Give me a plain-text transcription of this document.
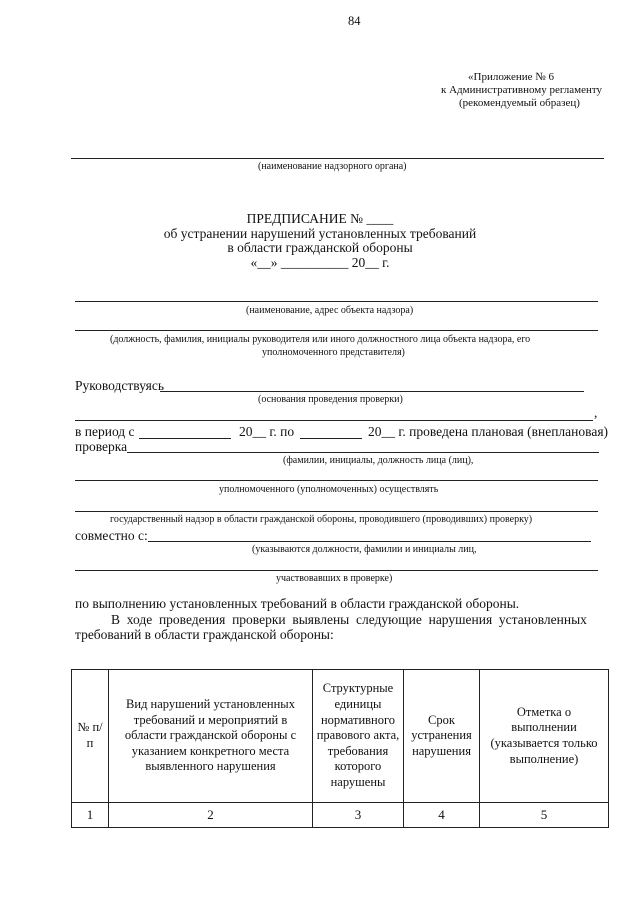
84
«Приложение № 6
к Административному регламенту
(рекомендуемый образец)
(наименование надзорного органа)
ПРЕДПИСАНИЕ № ____
об устранении нарушений установленных требований
в области гражданской обороны
«__» __________ 20__ г.
(наименование, адрес объекта надзора)
(должность, фамилия, инициалы руководителя или иного должностного лица объекта надзора, его
уполномоченного представителя)
Руководствуясь
(основания проведения проверки)
,
в период с	20__ г. по	20__ г. проведена плановая (внеплановая)
проверка
(фамилии, инициалы, должность лица (лиц),
уполномоченного (уполномоченных) осуществлять
государственный надзор в области гражданской обороны, проводившего (проводивших) проверку)
совместно с:
(указываются должности, фамилии и инициалы лиц,
участвовавших в проверке)
по выполнению установленных требований в области гражданской обороны.
В  ходе  проведения  проверки  выявлены  следующие  нарушения  установленных
требований в области гражданской обороны:
№ п/п	Вид нарушений установленных требований и мероприятий в области гражданской обороны с указанием конкретного места выявленного нарушения	Структурные единицы нормативного правового акта, требования которого нарушены	Срок устранения нарушения	Отметка о выполнении (указывается только выполнение)
1	2	3	4	5
